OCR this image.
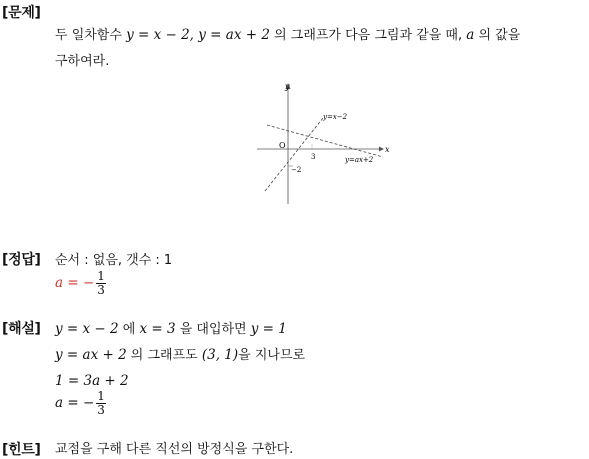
[문제]
두 일차함수 y = x − 2, y = ax + 2 의 그래프가 다음 그림과 같을 때, a 의 값을
구하여라.
y
x
O
y=x−2
y=ax+2
3
−2
[정답] 순서 : 없음, 갯수 : 1
a = − $\frac{1}{3}$
[해설] y = x − 2 에 x = 3 을 대입하면 y = 1
y = ax + 2 의 그래프도 (3, 1)을 지나므로
1 = 3a + 2
a = − $\frac{1}{3}$
[힌트] 교점을 구해 다른 직선의 방정식을 구한다.
